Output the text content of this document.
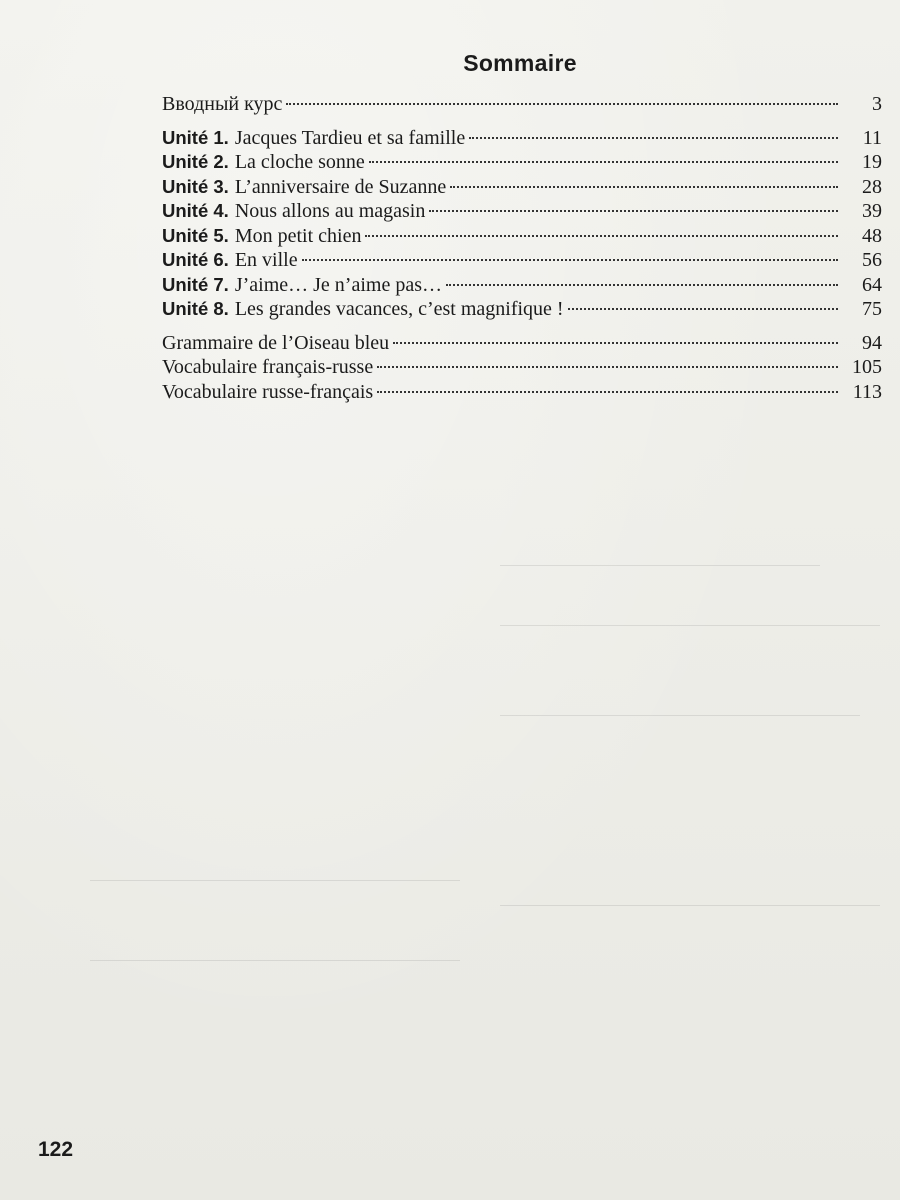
Sommaire
Вводный курс	3
Unité 1. Jacques Tardieu et sa famille	11
Unité 2. La cloche sonne	19
Unité 3. L’anniversaire de Suzanne	28
Unité 4. Nous allons au magasin	39
Unité 5. Mon petit chien	48
Unité 6. En ville	56
Unité 7. J’aime… Je n’aime pas…	64
Unité 8. Les grandes vacances, c’est magnifique !	75
Grammaire de l’Oiseau bleu	94
Vocabulaire français-russe	105
Vocabulaire russe-français	113
122
